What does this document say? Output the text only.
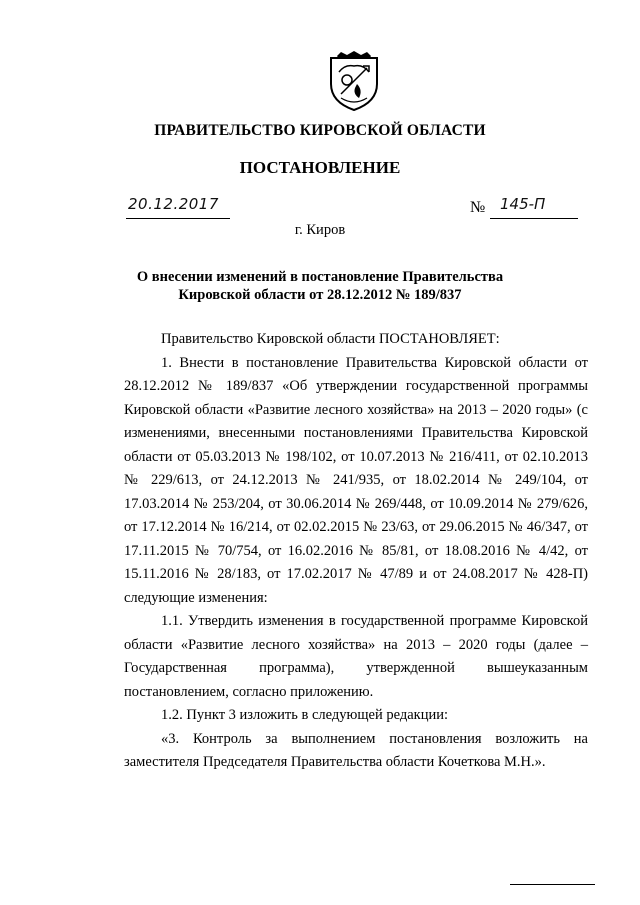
ПРАВИТЕЛЬСТВО КИРОВСКОЙ ОБЛАСТИ
ПОСТАНОВЛЕНИЕ
20.12.2017	№ 145-П
г. Киров
О внесении изменений в постановление Правительства
Кировской области от 28.12.2012 № 189/837

Правительство Кировской области ПОСТАНОВЛЯЕТ:

1. Внести в постановление Правительства Кировской области от 28.12.2012 № 189/837 «Об утверждении государственной программы Кировской области «Развитие лесного хозяйства» на 2013 – 2020 годы» (с изменениями, внесенными постановлениями Правительства Кировской области от 05.03.2013 № 198/102, от 10.07.2013 № 216/411, от 02.10.2013 № 229/613, от 24.12.2013 № 241/935, от 18.02.2014 № 249/104, от 17.03.2014 № 253/204, от 30.06.2014 № 269/448, от 10.09.2014 № 279/626, от 17.12.2014 № 16/214, от 02.02.2015 № 23/63, от 29.06.2015 № 46/347, от 17.11.2015 № 70/754, от 16.02.2016 № 85/81, от 18.08.2016 № 4/42, от 15.11.2016 № 28/183, от 17.02.2017 № 47/89 и от 24.08.2017 № 428-П) следующие изменения:

1.1. Утвердить изменения в государственной программе Кировской области «Развитие лесного хозяйства» на 2013 – 2020 годы (далее – Государственная программа), утвержденной вышеуказанным постановлением, согласно приложению.

1.2. Пункт 3 изложить в следующей редакции:

«3. Контроль за выполнением постановления возложить на заместителя Председателя Правительства области Кочеткова М.Н.».
